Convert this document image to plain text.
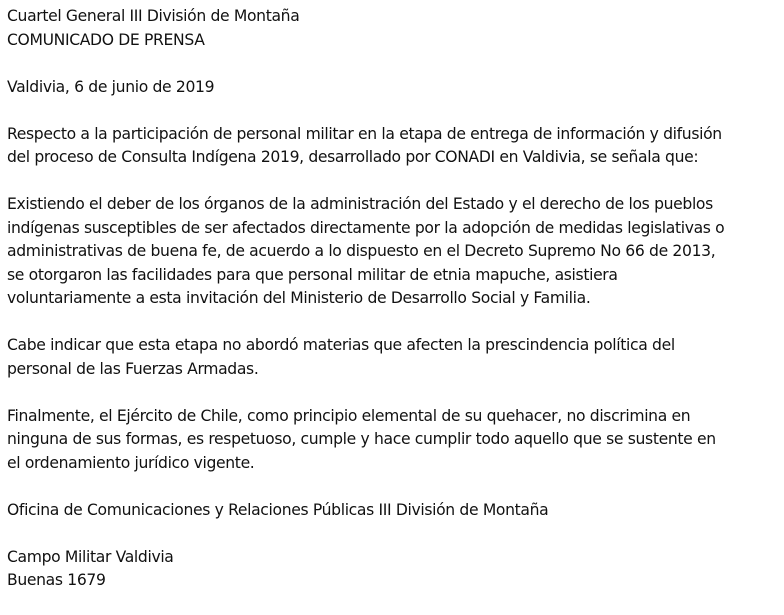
Cuartel General III División de Montaña
COMUNICADO DE PRENSA

Valdivia, 6 de junio de 2019

Respecto a la participación de personal militar en la etapa de entrega de información y difusión
del proceso de Consulta Indígena 2019, desarrollado por CONADI en Valdivia, se señala que:

Existiendo el deber de los órganos de la administración del Estado y el derecho de los pueblos
indígenas susceptibles de ser afectados directamente por la adopción de medidas legislativas o
administrativas de buena fe, de acuerdo a lo dispuesto en el Decreto Supremo No 66 de 2013,
se otorgaron las facilidades para que personal militar de etnia mapuche, asistiera
voluntariamente a esta invitación del Ministerio de Desarrollo Social y Familia.

Cabe indicar que esta etapa no abordó materias que afecten la prescindencia política del
personal de las Fuerzas Armadas.

Finalmente, el Ejército de Chile, como principio elemental de su quehacer, no discrimina en
ninguna de sus formas, es respetuoso, cumple y hace cumplir todo aquello que se sustente en
el ordenamiento jurídico vigente.

Oficina de Comunicaciones y Relaciones Públicas III División de Montaña

Campo Militar Valdivia
Buenas 1679
